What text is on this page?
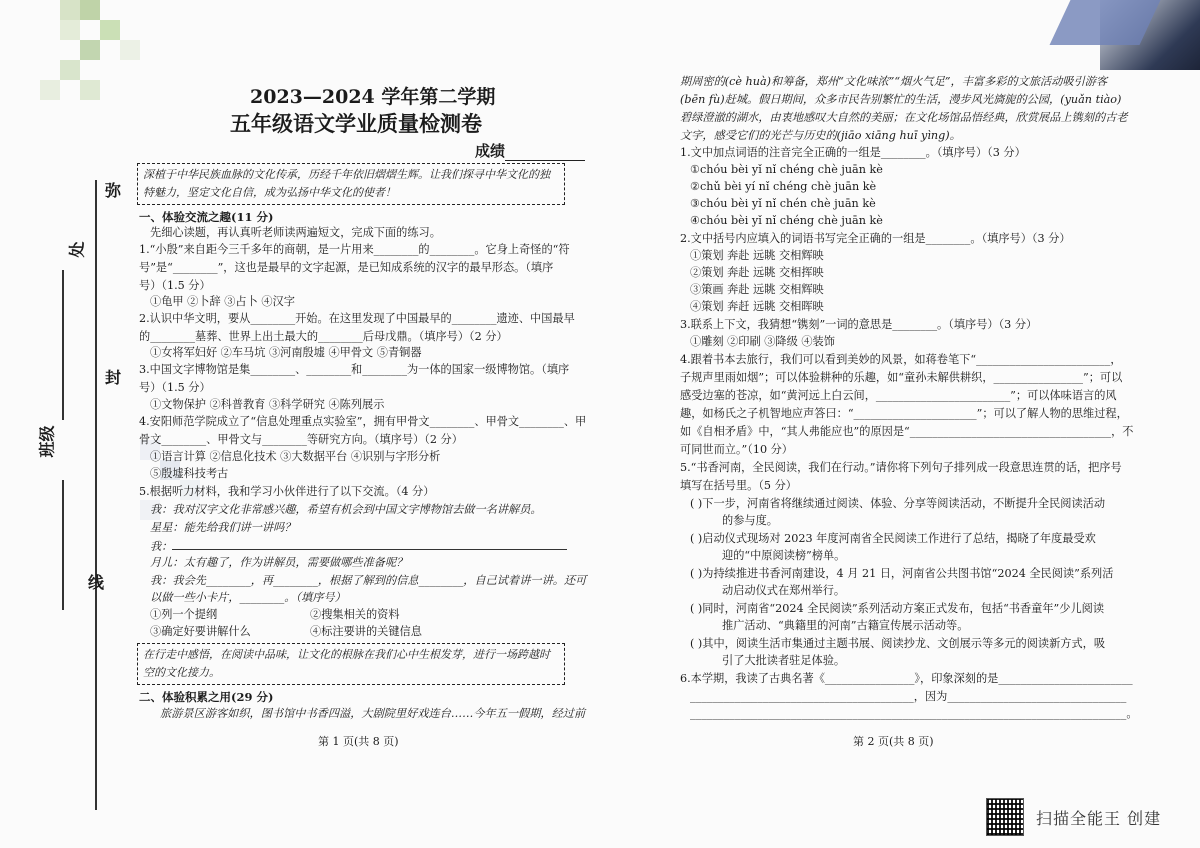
弥
处
封
班级
线
2023—2024 学年第二学期
五年级语文学业质量检测卷
成绩
深植于中华民族血脉的文化传承，历经千年依旧熠熠生辉。让我们探寻中华文化的独特魅力，坚定文化自信，成为弘扬中华文化的使者！
一、体验交流之趣(11 分)
先细心读题，再认真听老师读两遍短文，完成下面的练习。
1.“小殷”来自距今三千多年的商朝，是一片用来________的________。它身上奇怪的“符
号”是“________”，这也是最早的文字起源，是已知成系统的汉字的最早形态。（填序
号）（1.5 分）
①龟甲 ②卜辞 ③占卜 ④汉字
2.认识中华文明，要从________开始。在这里发现了中国最早的________遗迹、中国最早
的________墓葬、世界上出土最大的________后母戊鼎。（填序号）（2 分）
①女将军妇好 ②车马坑 ③河南殷墟 ④甲骨文 ⑤青铜器
3.中国文字博物馆是集________、________和________为一体的国家一级博物馆。（填序
号）（1.5 分）
①文物保护 ②科普教育 ③科学研究 ④陈列展示
4.安阳师范学院成立了“信息处理重点实验室”，拥有甲骨文________、甲骨文________、甲
骨文________、甲骨文与________等研究方向。（填序号）（2 分）
①语言计算 ②信息化技术 ③大数据平台 ④识别与字形分析
⑤殷墟科技考古
5.根据听力材料，我和学习小伙伴进行了以下交流。（4 分）
我：我对汉字文化非常感兴趣，希望有机会到中国文字博物馆去做一名讲解员。
星星：能先给我们讲一讲吗？
我：
月儿：太有趣了，作为讲解员，需要做哪些准备呢？
我：我会先________，再________，根据了解到的信息________，自己试着讲一讲。还可
以做一些小卡片，________。（填序号）
①列一个提纲	②搜集相关的资料
③确定好要讲解什么	④标注要讲的关键信息
在行走中感悟，在阅读中品味，让文化的根脉在我们心中生根发芽，进行一场跨越时空的文化接力。
二、体验积累之用(29 分)
旅游景区游客如织，图书馆中书香四溢，大剧院里好戏连台……今年五一假期，经过前
第 1 页(共 8 页)
期周密的(cè huà)和筹备，郑州“文化味浓”“烟火气足”，丰富多彩的文旅活动吸引游客
(bēn fù)赶城。假日期间，众多市民告别繁忙的生活，漫步风光旖旎的公园，(yuǎn tiào)
碧绿澄澈的湖水，由衷地感叹大自然的美丽；在文化场馆品悟经典，欣赏展品上镌刻的古老
文字，感受它们的光芒与历史的(jiāo xiāng huī yìng)。
1.文中加点词语的注音完全正确的一组是________。（填序号）（3 分）
①chóu bèi yǐ nǐ chéng chè juān kè
②chǔ bèi yí nǐ chéng chè juān kè
③chóu bèi yǐ nǐ chén chè juān kè
④chóu bèi yǐ nǐ chéng chè juān kè
2.文中括号内应填入的词语书写完全正确的一组是________。（填序号）（3 分）
①策划 奔赴 远眺 交相辉映
②策划 奔赴 远眺 交相挥映
③策画 奔赴 远眺 交相辉映
④策划 奔赶 远眺 交相晖映
3.联系上下文，我猜想“镌刻”一词的意思是________。（填序号）（3 分）
①雕刻 ②印刷 ③降级 ④装饰
4.跟着书本去旅行，我们可以看到美妙的风景，如蒋卷笔下“________________________，
子规声里雨如烟”；可以体验耕种的乐趣，如“童孙未解供耕织，________________”；可以
感受边塞的苍凉，如“黄河远上白云间，________________________”；可以体味语言的风
趣，如杨氏之子机智地应声答曰：“______________________”；可以了解人物的思维过程，
如《自相矛盾》中，“其人弗能应也”的原因是“____________________________________，不
可同世而立。”（10 分）
5.“书香河南，全民阅读，我们在行动。”请你将下列句子排列成一段意思连贯的话，把序号
填写在括号里。（5 分）
( )下一步，河南省将继续通过阅读、体验、分享等阅读活动，不断提升全民阅读活动
的参与度。
( )启动仪式现场对 2023 年度河南省全民阅读工作进行了总结，揭晓了年度最受欢
迎的“中原阅读榜”榜单。
( )为持续推进书香河南建设，4 月 21 日，河南省公共图书馆“2024 全民阅读”系列活
动启动仪式在郑州举行。
( )同时，河南省“2024 全民阅读”系列活动方案正式发布，包括“书香童年”少儿阅读
推广活动、“典籍里的河南”古籍宣传展示活动等。
( )其中，阅读生活市集通过主题书展、阅读抄龙、文创展示等多元的阅读新方式，吸
引了大批读者驻足体验。
6.本学期，我读了古典名著《________________》，印象深刻的是________________________
________________________________________，因为________________________________
______________________________________________________________________________。
第 2 页(共 8 页)
扫描全能王 创建
